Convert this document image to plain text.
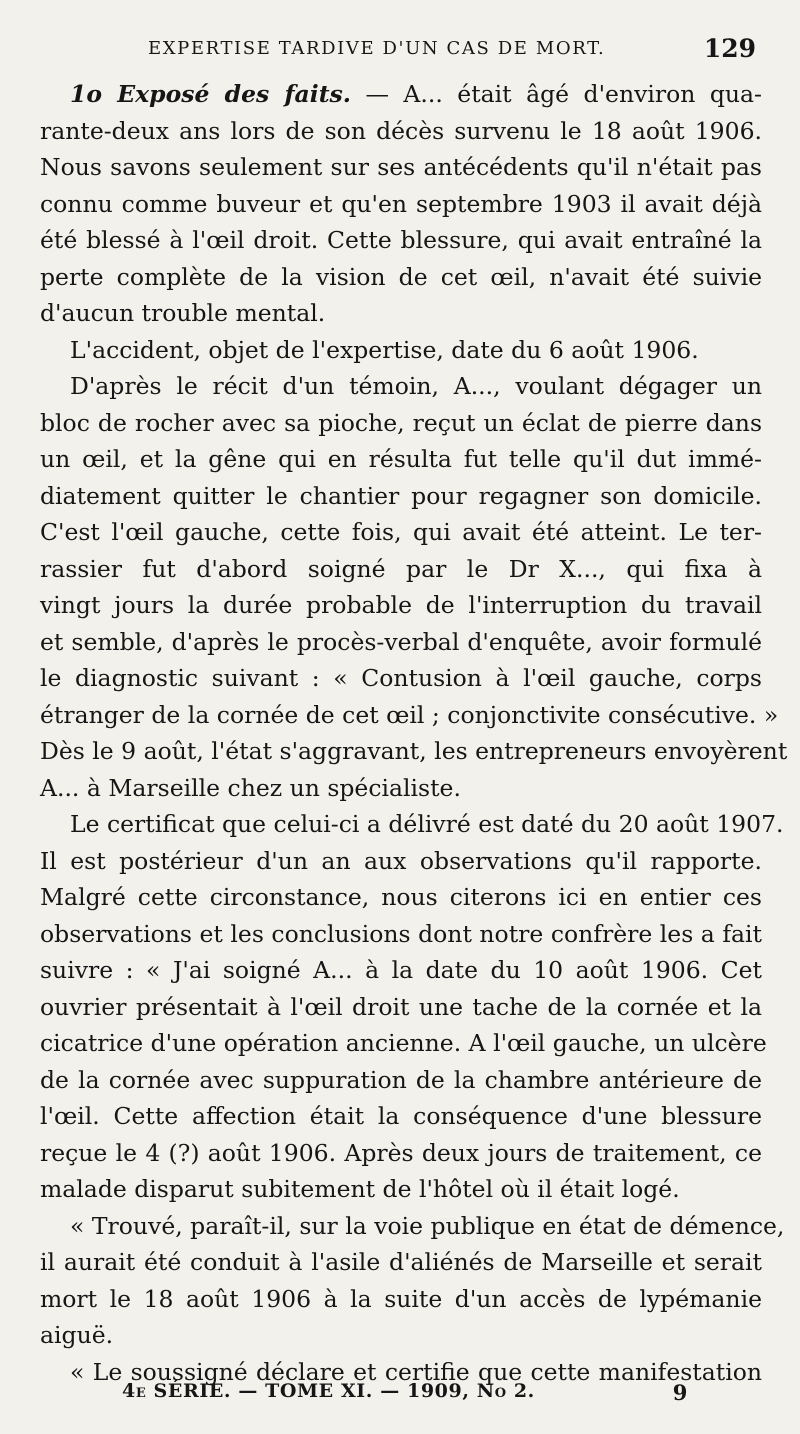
EXPERTISE TARDIVE D'UN CAS DE MORT.	129
1o Exposé des faits. — A... était âgé d'environ qua-
rante-deux ans lors de son décès survenu le 18 août 1906.
Nous savons seulement sur ses antécédents qu'il n'était pas
connu comme buveur et qu'en septembre 1903 il avait déjà
été blessé à l'œil droit. Cette blessure, qui avait entraîné la
perte complète de la vision de cet œil, n'avait été suivie
d'aucun trouble mental.
L'accident, objet de l'expertise, date du 6 août 1906.
D'après le récit d'un témoin, A..., voulant dégager un
bloc de rocher avec sa pioche, reçut un éclat de pierre dans
un œil, et la gêne qui en résulta fut telle qu'il dut immé-
diatement quitter le chantier pour regagner son domicile.
C'est l'œil gauche, cette fois, qui avait été atteint. Le ter-
rassier fut d'abord soigné par le Dr X..., qui fixa à
vingt jours la durée probable de l'interruption du travail
et semble, d'après le procès-verbal d'enquête, avoir formulé
le diagnostic suivant : « Contusion à l'œil gauche, corps
étranger de la cornée de cet œil ; conjonctivite consécutive. »
Dès le 9 août, l'état s'aggravant, les entrepreneurs envoyèrent
A... à Marseille chez un spécialiste.
Le certificat que celui-ci a délivré est daté du 20 août 1907.
Il est postérieur d'un an aux observations qu'il rapporte.
Malgré cette circonstance, nous citerons ici en entier ces
observations et les conclusions dont notre confrère les a fait
suivre : « J'ai soigné A... à la date du 10 août 1906. Cet
ouvrier présentait à l'œil droit une tache de la cornée et la
cicatrice d'une opération ancienne. A l'œil gauche, un ulcère
de la cornée avec suppuration de la chambre antérieure de
l'œil. Cette affection était la conséquence d'une blessure
reçue le 4 (?) août 1906. Après deux jours de traitement, ce
malade disparut subitement de l'hôtel où il était logé.
« Trouvé, paraît-il, sur la voie publique en état de démence,
il aurait été conduit à l'asile d'aliénés de Marseille et serait
mort le 18 août 1906 à la suite d'un accès de lypémanie
aiguë.
« Le soussigné déclare et certifie que cette manifestation
4e SÉRIE. — TOME XI. — 1909, No 2.	9
